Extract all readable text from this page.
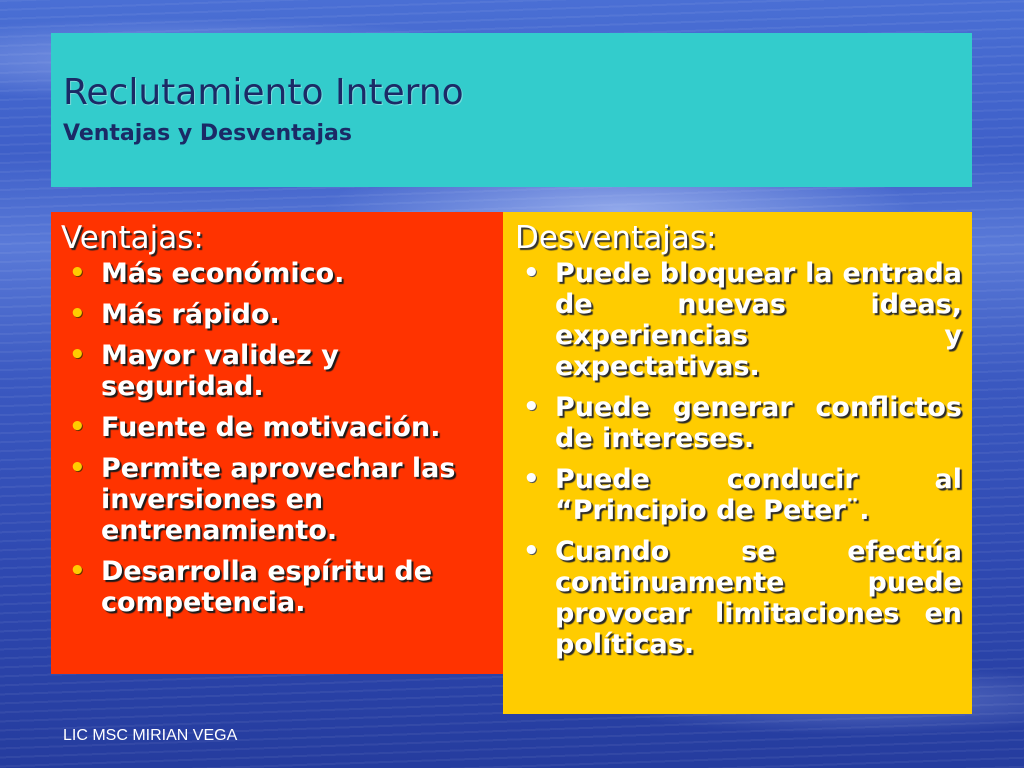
Reclutamiento Interno
Ventajas y Desventajas
Ventajas:
• Más económico.
• Más rápido.
• Mayor validez y seguridad.
• Fuente de motivación.
• Permite aprovechar las inversiones en entrenamiento.
• Desarrolla espíritu de competencia.
Desventajas:
• Puede bloquear la entrada de nuevas ideas, experiencias y expectativas.
• Puede generar conflictos de intereses.
• Puede conducir al “Principio de Peter¨.
• Cuando se efectúa continuamente puede provocar limitaciones en políticas.
LIC MSC MIRIAN VEGA
